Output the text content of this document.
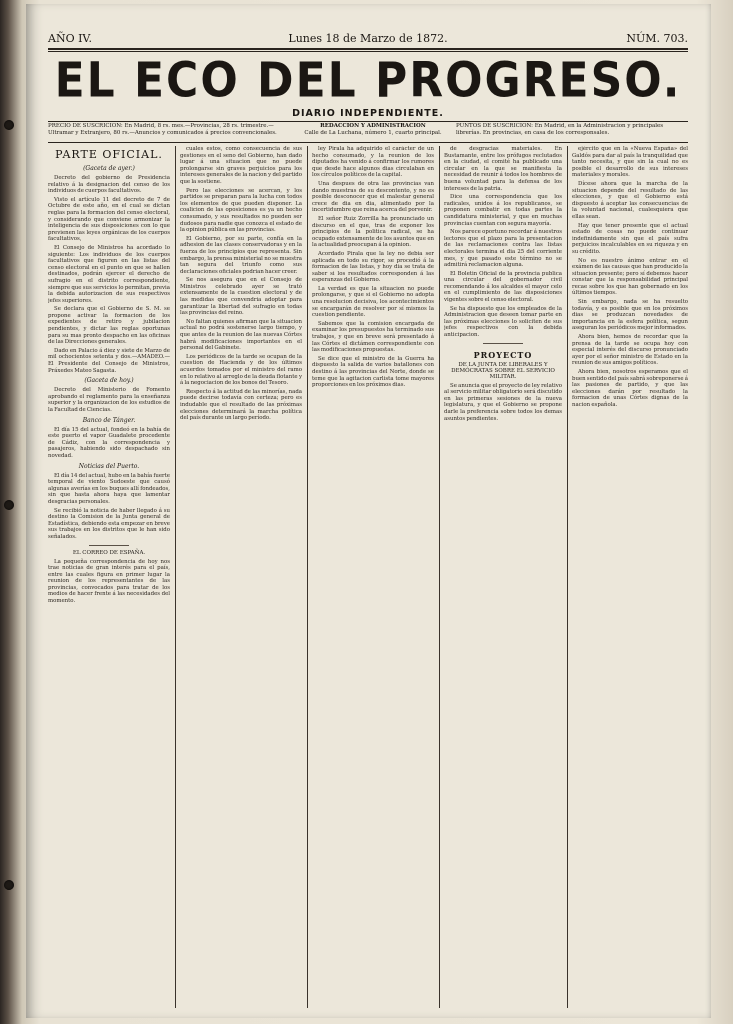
AÑO IV.	Lunes 18 de Marzo de 1872.	NÚM. 703.
EL ECO DEL PROGRESO.
DIARIO INDEPENDIENTE.
PRECIO DE SUSCRICION: En Madrid, 8 rs. mes.—Provincias, 28 rs. trimestre.—Ultramar y Extranjero, 80 rs.—Anuncios y comunicados á precios convencionales.
REDACCION Y ADMINISTRACION
Calle de La Luchana, número 1, cuarto principal.
PUNTOS DE SUSCRICION: En Madrid, en la Administracion y principales librerías. En provincias, en casa de los corresponsales.
PARTE OFICIAL.
(Gaceta de ayer.)

Decreto del gobierno de Presidencia relativo á la designacion del censo de los individuos de cuerpos facultativos.

Visto el artículo 11 del decreto de 7 de Octubre de este año, en el cual se dictan reglas para la formacion del censo electoral, y considerando que conviene armonizar la inteligencia de sus disposiciones con lo que previenen las leyes orgánicas de los cuerpos facultativos,

El Consejo de Ministros ha acordado lo siguiente: Los individuos de los cuerpos facultativos que figuren en las listas del censo electoral en el punto en que se hallen destinados, podrán ejercer el derecho de sufragio en el distrito correspondiente, siempre que sus servicios lo permitan, previa la debida autorizacion de sus respectivos jefes superiores.

Se declara que el Gobierno de S. M. se propone activar la formacion de los expedientes de retiro y jubilacion pendientes, y dictar las reglas oportunas para su mas pronto despacho en las oficinas de las Direcciones generales.

Dado en Palacio á diez y siete de Marzo de mil ochocientos setenta y dos.—AMADEO.—El Presidente del Consejo de Ministros, Práxedes Mateo Sagasta.

(Gaceta de hoy.)

Decreto del Ministerio de Fomento aprobando el reglamento para la enseñanza superior y la organizacion de los estudios de la Facultad de Ciencias.

Banco de Tánger.

El día 15 del actual, fondeó en la bahía de este puerto el vapor Guadalete procedente de Cádiz, con la correspondencia y pasajeros, habiendo sido despachado sin novedad.

Noticias del Puerto.

El día 14 del actual, hubo en la bahía fuerte temporal de viento Sudoeste que causó algunas averías en los buques allí fondeados, sin que hasta ahora haya que lamentar desgracias personales.

Se recibió la noticia de haber llegado á su destino la Comision de la Junta general de Estadística, debiendo esta empezar en breve sus trabajos en los distritos que le han sido señalados.

EL CORREO DE ESPAÑA.

La pequeña correspondencia de hoy nos trae noticias de gran interés para el país, entre las cuales figura en primer lugar la reunion de los representantes de las provincias, convocados para tratar de los medios de hacer frente á las necesidades del momento.

cuales estos, como consecuencia de sus gestiones en el seno del Gobierno, han dado lugar á una situacion que no puede prolongarse sin graves perjuicios para los intereses generales de la nacion y del partido que la sostiene.

Pero las elecciones se acercan, y los partidos se preparan para la lucha con todos los elementos de que pueden disponer. La coalicion de las oposiciones es ya un hecho consumado, y sus resultados no pueden ser dudosos para nadie que conozca el estado de la opinion pública en las provincias.

El Gobierno, por su parte, confía en la adhesion de las clases conservadoras y en la fuerza de los principios que representa. Sin embargo, la prensa ministerial no se muestra tan segura del triunfo como sus declaraciones oficiales podrian hacer creer.

Se nos asegura que en el Consejo de Ministros celebrado ayer se trató extensamente de la cuestion electoral y de las medidas que convendria adoptar para garantizar la libertad del sufragio en todas las provincias del reino.

No faltan quienes afirman que la situacion actual no podrá sostenerse largo tiempo, y que antes de la reunion de las nuevas Córtes habrá modificaciones importantes en el personal del Gabinete.

Los periódicos de la tarde se ocupan de la cuestion de Hacienda y de los últimos acuerdos tomados por el ministro del ramo en lo relativo al arreglo de la deuda flotante y á la negociacion de los bonos del Tesoro.

Respecto á la actitud de las minorías, nada puede decirse todavía con certeza; pero es indudable que el resultado de las próximas elecciones determinará la marcha política del país durante un largo período.

ley Pirala ha adquirido el carácter de un hecho consumado, y la reunion de los diputados ha venido á confirmar los rumores que desde hace algunos dias circulaban en los círculos políticos de la capital.

Una despues de otra las provincias van dando muestras de su descontento, y no es posible desconocer que el malestar general crece de dia en dia, alimentado por la incertidumbre que reina acerca del porvenir.

El señor Ruiz Zorrilla ha pronunciado un discurso en el que, tras de exponer los principios de la politica radical, se ha ocupado extensamente de los asuntos que en la actualidad preocupan á la opinion.

Acordado Pirala que la ley no debia ser aplicada en todo su rigor, se procedió á la formacion de las listas, y hoy dia se trata de saber si los resultados corresponden á las esperanzas del Gobierno.

La verdad es que la situacion no puede prolongarse, y que si el Gobierno no adopta una resolucion decisiva, los acontecimientos se encargarán de resolver por sí mismos la cuestion pendiente.

Sabemos que la comision encargada de examinar los presupuestos ha terminado sus trabajos, y que en breve será presentado á las Córtes el dictámen correspondiente con las modificaciones propuestas.

Se dice que el ministro de la Guerra ha dispuesto la salida de varios batallones con destino á las provincias del Norte, donde se teme que la agitacion carlista tome mayores proporciones en los próximos dias.

de desgracias materiales. En Bustamante, entre los prófugos reclutados en la ciudad, el comité ha publicado una circular en la que se manifiesta la necesidad de reunir á todos los hombres de buena voluntad para la defensa de los intereses de la patria.

Dice una correspondencia que los radicales, unidos á los republicanos, se proponen combatir en todas partes la candidatura ministerial, y que en muchas provincias cuentan con segura mayoría.

Nos parece oportuno recordar á nuestros lectores que el plazo para la presentacion de las reclamaciones contra las listas electorales termina el dia 25 del corriente mes, y que pasado este término no se admitirá reclamacion alguna.

El Boletin Oficial de la provincia publica una circular del gobernador civil recomendando á los alcaldes el mayor celo en el cumplimiento de las disposiciones vigentes sobre el censo electoral.

Se ha dispuesto que los empleados de la Administracion que deseen tomar parte en las próximas elecciones lo soliciten de sus jefes respectivos con la debida anticipacion.

PROYECTO
DE LA JUNTA DE LIBERALES Y DEMÓCRATAS SOBRE EL SERVICIO MILITAR.

Se anuncia que el proyecto de ley relativo al servicio militar obligatorio será discutido en las primeras sesiones de la nueva legislatura, y que el Gobierno se propone darle la preferencia sobre todos los demas asuntos pendientes.

ejército que en la «Nueva España» del Galdós para dar al país la tranquilidad que tanto necesita, y que sin la cual no es posible el desarrollo de sus intereses materiales y morales.

Dícese ahora que la marcha de la situacion depende del resultado de las elecciones, y que el Gobierno está dispuesto á aceptar las consecuencias de la voluntad nacional, cualesquiera que ellas sean.

Hay que tener presente que el actual estado de cosas no puede continuar indefinidamente sin que el país sufra perjuicios incalculables en su riqueza y en su crédito.

No es nuestro ánimo entrar en el exámen de las causas que han producido la situacion presente; pero sí debemos hacer constar que la responsabilidad principal recae sobre los que han gobernado en los últimos tiempos.

Sin embargo, nada se ha resuelto todavía, y es posible que en los próximos dias se produzcan novedades de importancia en la esfera política, segun aseguran los periódicos mejor informados.

Ahora bien, hemos de recordar que la prensa de la tarde se ocupa hoy con especial interés del discurso pronunciado ayer por el señor ministro de Estado en la reunion de sus amigos políticos.

Ahora bien, nosotros esperamos que el buen sentido del país sabrá sobreponerse á las pasiones de partido, y que las elecciones darán por resultado la formacion de unas Córtes dignas de la nacion española.
